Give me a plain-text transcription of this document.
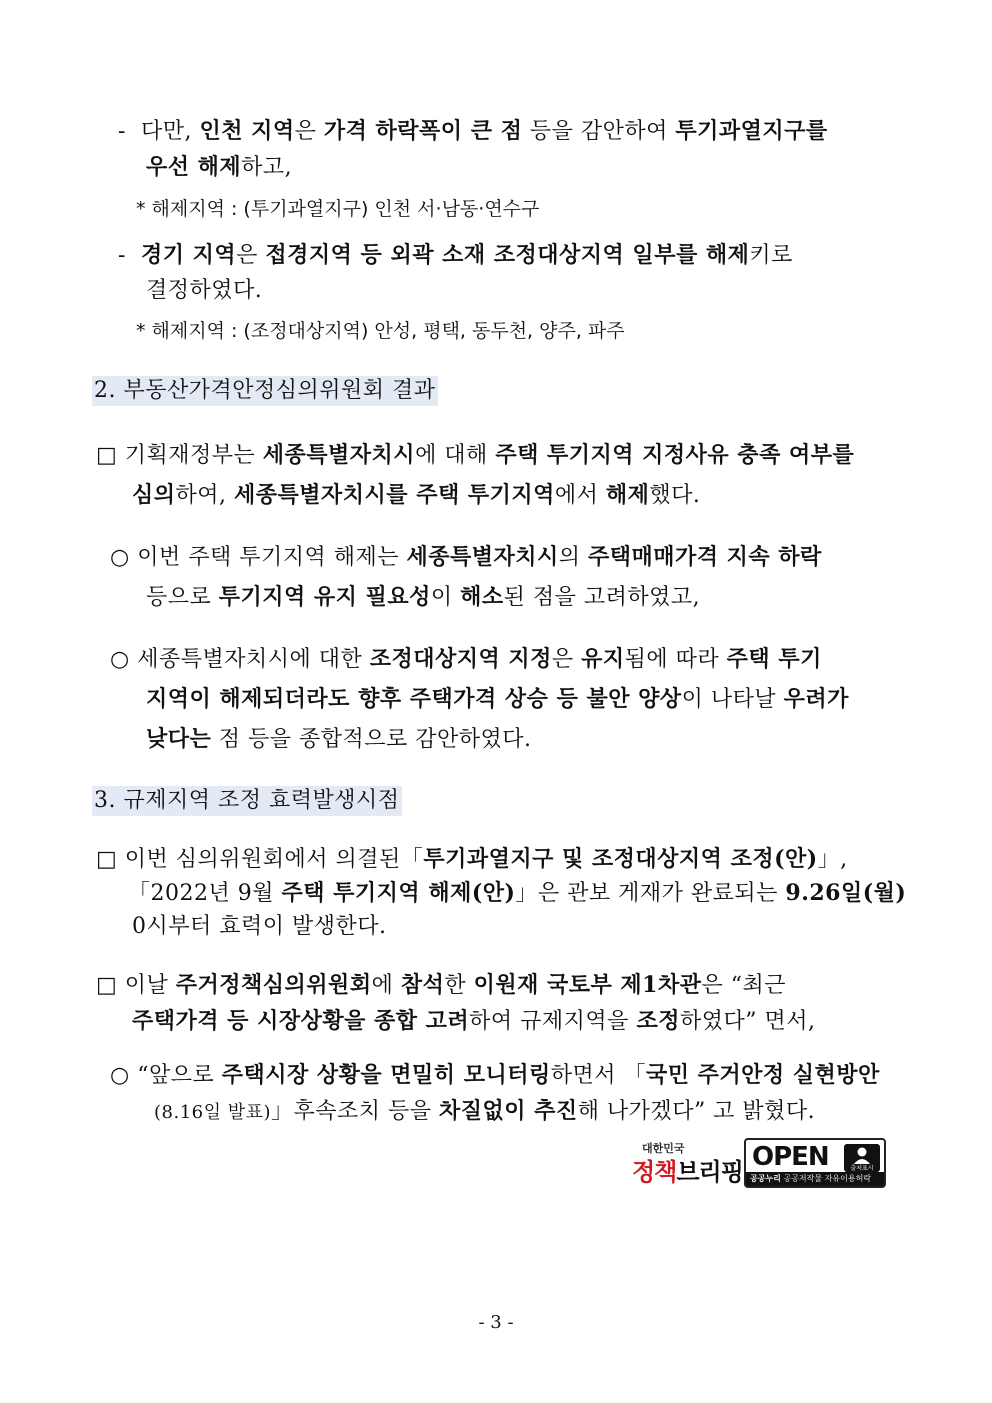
- 다만, 인천 지역은 가격 하락폭이 큰 점 등을 감안하여 투기과열지구를
우선 해제하고,
* 해제지역 : (투기과열지구) 인천 서·남동·연수구
- 경기 지역은 접경지역 등 외곽 소재 조정대상지역 일부를 해제키로
결정하였다.
* 해제지역 : (조정대상지역) 안성, 평택, 동두천, 양주, 파주
2. 부동산가격안정심의위원회 결과
□ 기획재정부는 세종특별자치시에 대해 주택 투기지역 지정사유 충족 여부를
심의하여, 세종특별자치시를 주택 투기지역에서 해제했다.
○ 이번 주택 투기지역 해제는 세종특별자치시의 주택매매가격 지속 하락
등으로 투기지역 유지 필요성이 해소된 점을 고려하였고,
○ 세종특별자치시에 대한 조정대상지역 지정은 유지됨에 따라 주택 투기
지역이 해제되더라도 향후 주택가격 상승 등 불안 양상이 나타날 우려가
낮다는 점 등을 종합적으로 감안하였다.
3. 규제지역 조정 효력발생시점
□ 이번 심의위원회에서 의결된「투기과열지구 및 조정대상지역 조정(안)」,
「2022년 9월 주택 투기지역 해제(안)」은 관보 게재가 완료되는 9.26일(월)
0시부터 효력이 발생한다.
□ 이날 주거정책심의위원회에 참석한 이원재 국토부 제1차관은 “최근
주택가격 등 시장상황을 종합 고려하여 규제지역을 조정하였다” 면서,
○ “앞으로 주택시장 상황을 면밀히 모니터링하면서 「국민 주거안정 실현방안
(8.16일 발표)」후속조치 등을 차질없이 추진해 나가겠다” 고 밝혔다.
대한민국
정책브리핑 OPEN	출처표시
공공누리 공공저작물 자유이용허락
- 3 -
